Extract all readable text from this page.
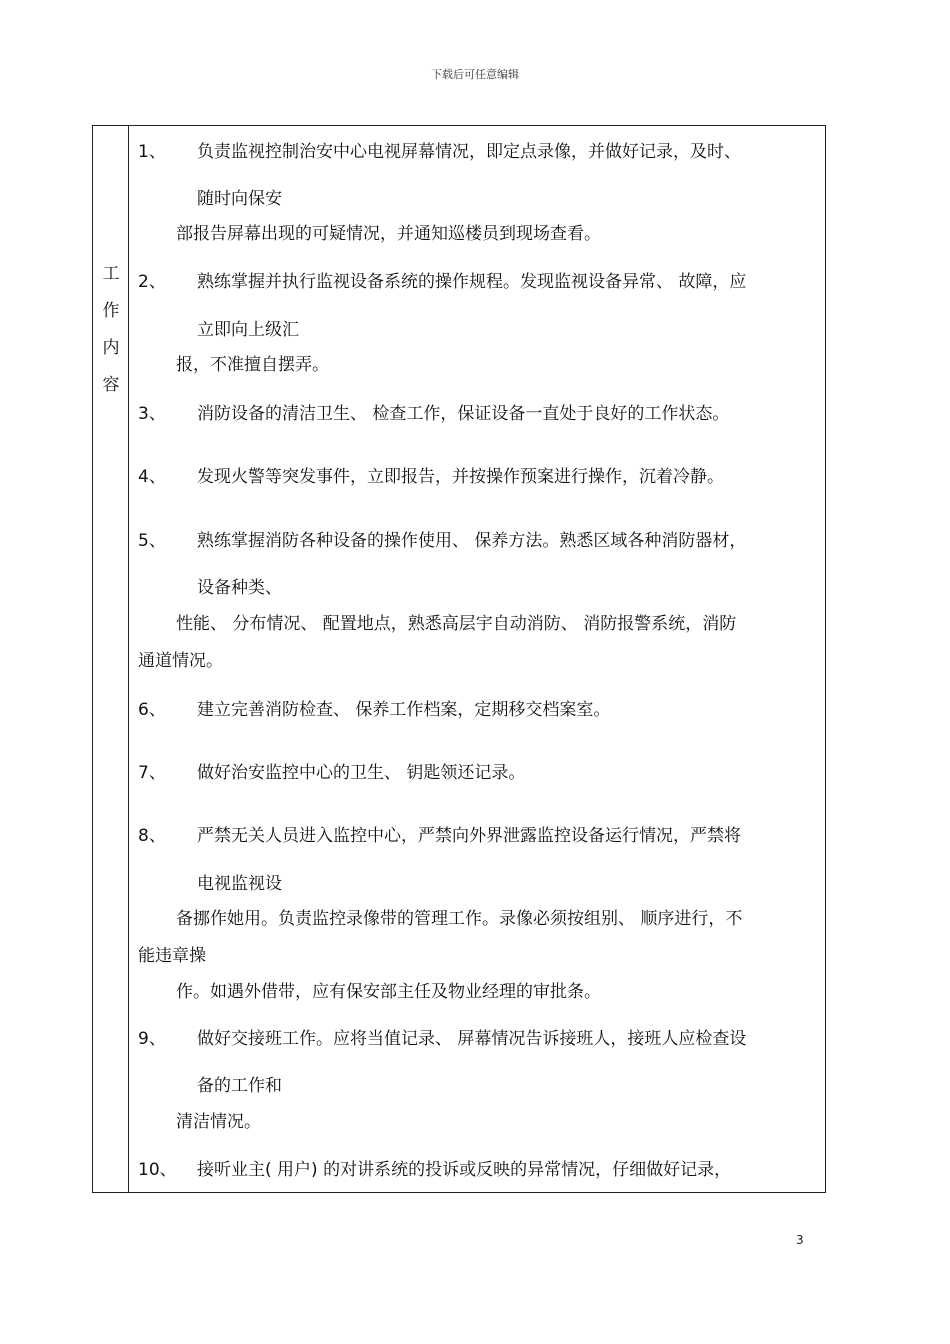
下载后可任意编辑
工
作
内
容
1、 负责监视控制治安中心电视屏幕情况，即定点录像，并做好记录，及时、
随时向保安
部报告屏幕出现的可疑情况，并通知巡楼员到现场查看。
2、 熟练掌握并执行监视设备系统的操作规程。发现监视设备异常、 故障，应
立即向上级汇
报，不准擅自摆弄。
3、 消防设备的清洁卫生、 检查工作，保证设备一直处于良好的工作状态。
4、 发现火警等突发事件，立即报告，并按操作预案进行操作，沉着冷静。
5、 熟练掌握消防各种设备的操作使用、 保养方法。熟悉区域各种消防器材，
设备种类、
性能、 分布情况、 配置地点，熟悉高层宇自动消防、 消防报警系统，消防
通道情况。
6、 建立完善消防检查、 保养工作档案，定期移交档案室。
7、 做好治安监控中心的卫生、 钥匙领还记录。
8、 严禁无关人员进入监控中心，严禁向外界泄露监控设备运行情况，严禁将
电视监视设
备挪作她用。负责监控录像带的管理工作。录像必须按组别、 顺序进行，不
能违章操
作。如遇外借带，应有保安部主任及物业经理的审批条。
9、 做好交接班工作。应将当值记录、 屏幕情况告诉接班人，接班人应检查设
备的工作和
清洁情况。
10、 接听业主( 用户) 的对讲系统的投诉或反映的异常情况，仔细做好记录，
3
